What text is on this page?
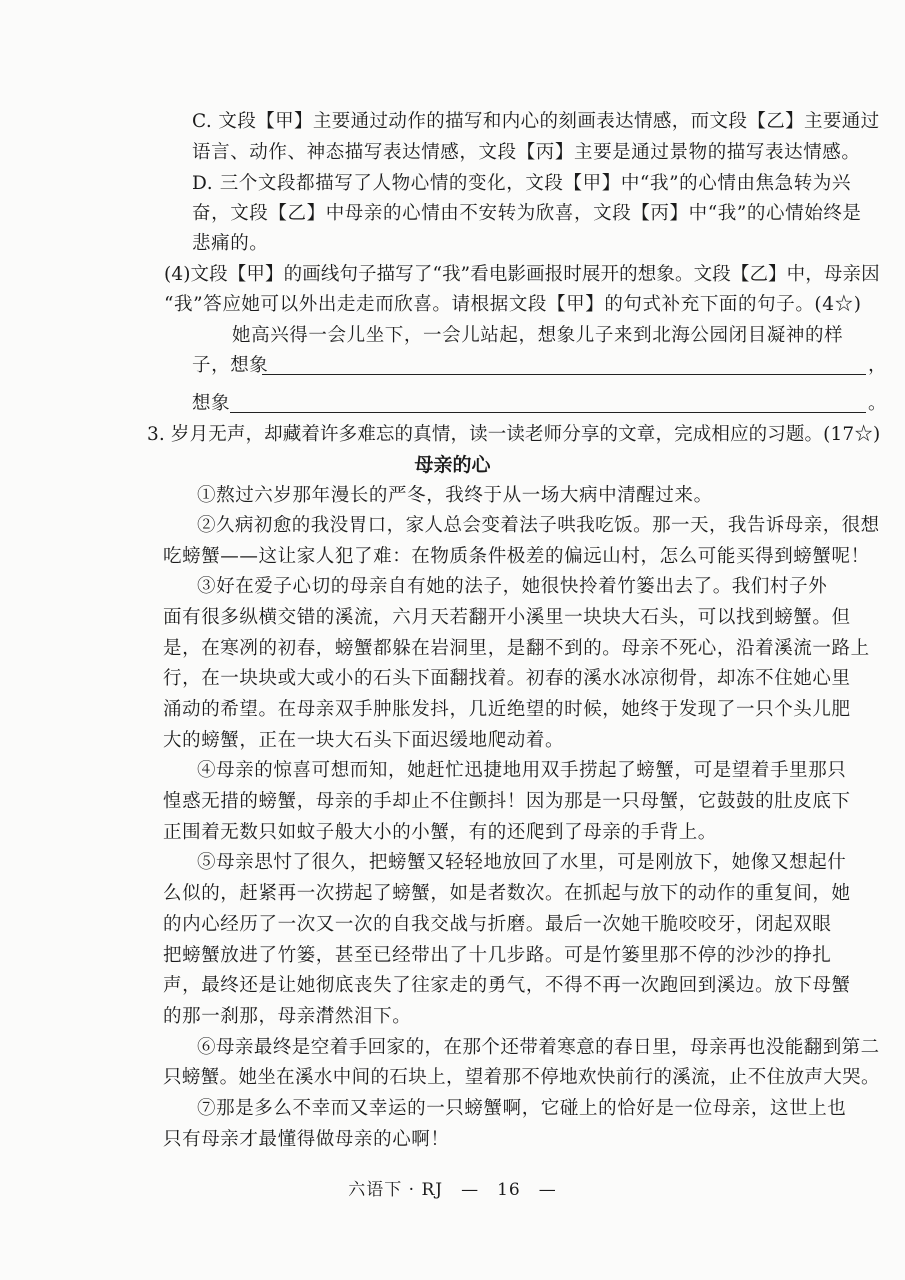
C. 文段【甲】主要通过动作的描写和内心的刻画表达情感，而文段【乙】主要通过
语言、动作、神态描写表达情感，文段【丙】主要是通过景物的描写表达情感。
D. 三个文段都描写了人物心情的变化，文段【甲】中“我”的心情由焦急转为兴
奋，文段【乙】中母亲的心情由不安转为欣喜，文段【丙】中“我”的心情始终是
悲痛的。
(4)文段【甲】的画线句子描写了“我”看电影画报时展开的想象。文段【乙】中，母亲因
“我”答应她可以外出走走而欣喜。请根据文段【甲】的句式补充下面的句子。(4☆)
她高兴得一会儿坐下，一会儿站起，想象儿子来到北海公园闭目凝神的样
子，想象	，
想象	。
3. 岁月无声，却藏着许多难忘的真情，读一读老师分享的文章，完成相应的习题。(17☆)
母亲的心
①熬过六岁那年漫长的严冬，我终于从一场大病中清醒过来。
②久病初愈的我没胃口，家人总会变着法子哄我吃饭。那一天，我告诉母亲，很想
吃螃蟹——这让家人犯了难：在物质条件极差的偏远山村，怎么可能买得到螃蟹呢！
③好在爱子心切的母亲自有她的法子，她很快拎着竹篓出去了。我们村子外
面有很多纵横交错的溪流，六月天若翻开小溪里一块块大石头，可以找到螃蟹。但
是，在寒冽的初春，螃蟹都躲在岩洞里，是翻不到的。母亲不死心，沿着溪流一路上
行，在一块块或大或小的石头下面翻找着。初春的溪水冰凉彻骨，却冻不住她心里
涌动的希望。在母亲双手肿胀发抖，几近绝望的时候，她终于发现了一只个头儿肥
大的螃蟹，正在一块大石头下面迟缓地爬动着。
④母亲的惊喜可想而知，她赶忙迅捷地用双手捞起了螃蟹，可是望着手里那只
惶惑无措的螃蟹，母亲的手却止不住颤抖！因为那是一只母蟹，它鼓鼓的肚皮底下
正围着无数只如蚊子般大小的小蟹，有的还爬到了母亲的手背上。
⑤母亲思忖了很久，把螃蟹又轻轻地放回了水里，可是刚放下，她像又想起什
么似的，赶紧再一次捞起了螃蟹，如是者数次。在抓起与放下的动作的重复间，她
的内心经历了一次又一次的自我交战与折磨。最后一次她干脆咬咬牙，闭起双眼
把螃蟹放进了竹篓，甚至已经带出了十几步路。可是竹篓里那不停的沙沙的挣扎
声，最终还是让她彻底丧失了往家走的勇气，不得不再一次跑回到溪边。放下母蟹
的那一刹那，母亲潸然泪下。
⑥母亲最终是空着手回家的，在那个还带着寒意的春日里，母亲再也没能翻到第二
只螃蟹。她坐在溪水中间的石块上，望着那不停地欢快前行的溪流，止不住放声大哭。
⑦那是多么不幸而又幸运的一只螃蟹啊，它碰上的恰好是一位母亲，这世上也
只有母亲才最懂得做母亲的心啊！
六语下 · RJ　—　16　—
